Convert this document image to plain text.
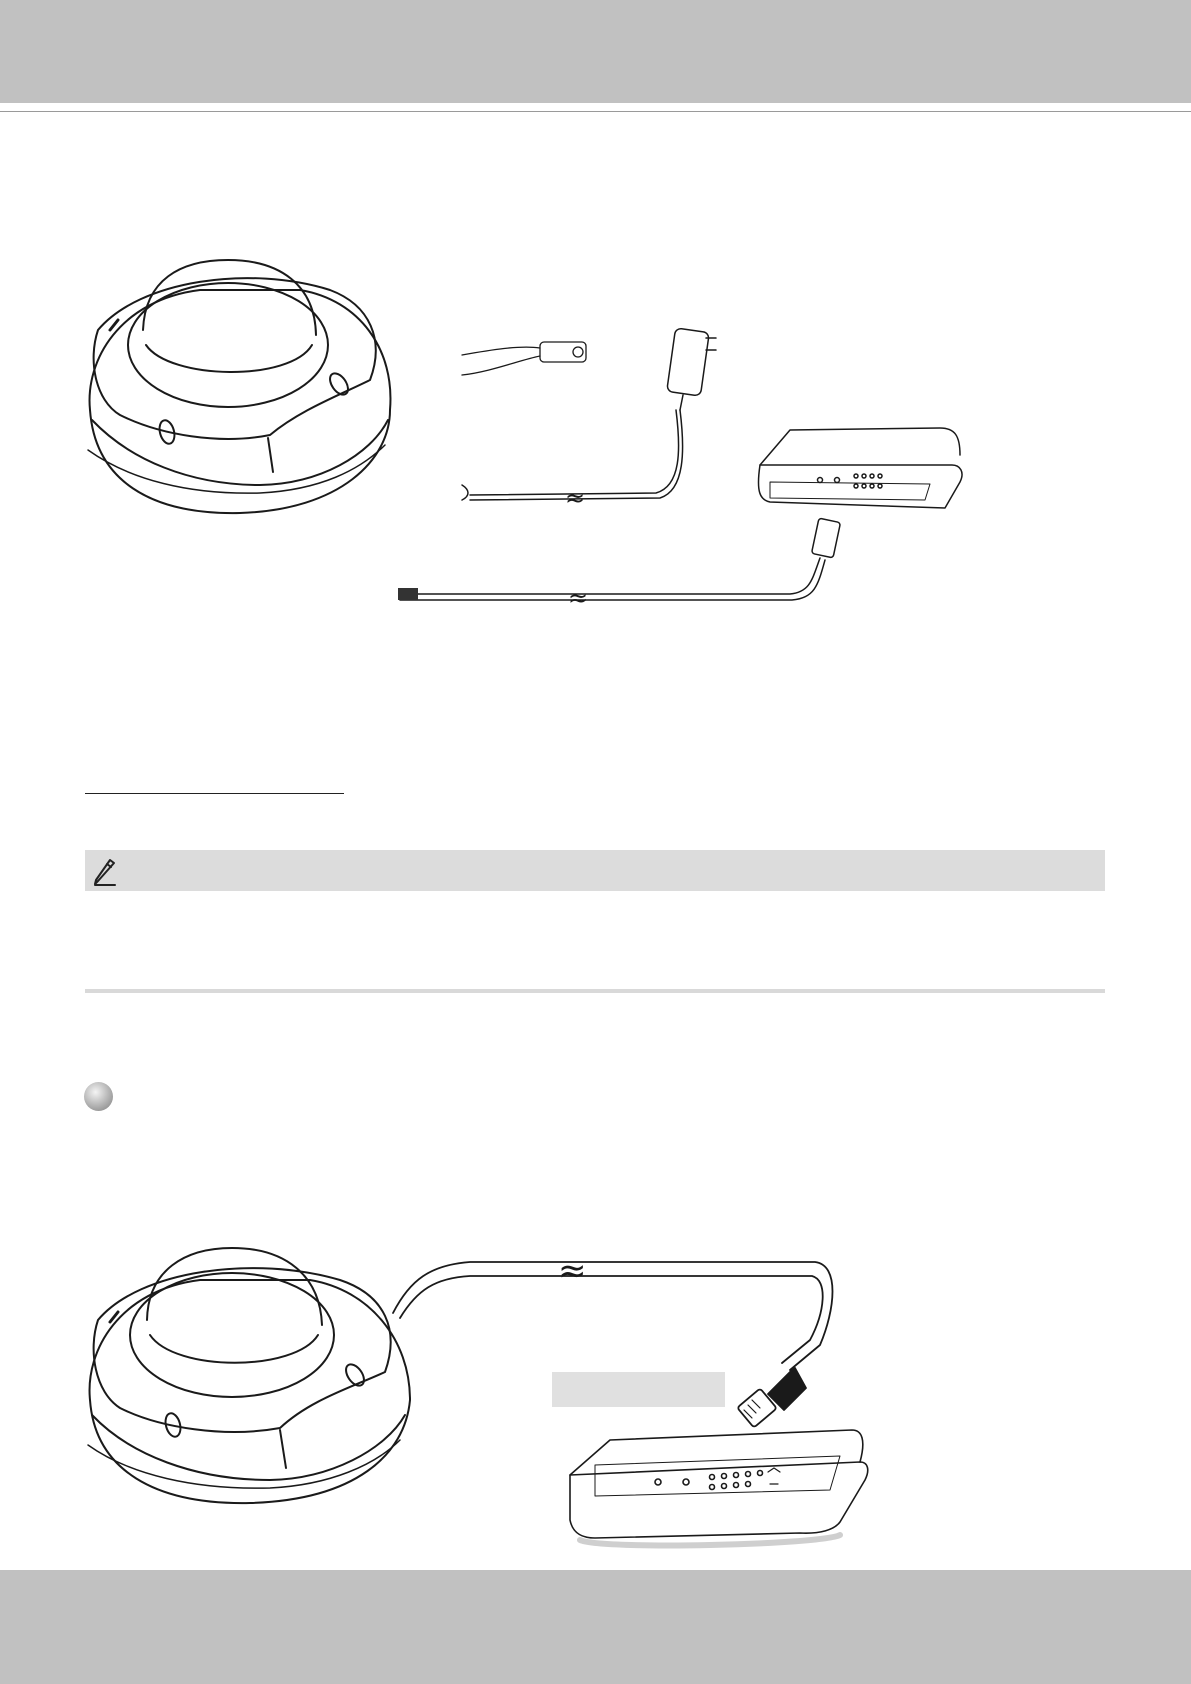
≈
≈
≈
